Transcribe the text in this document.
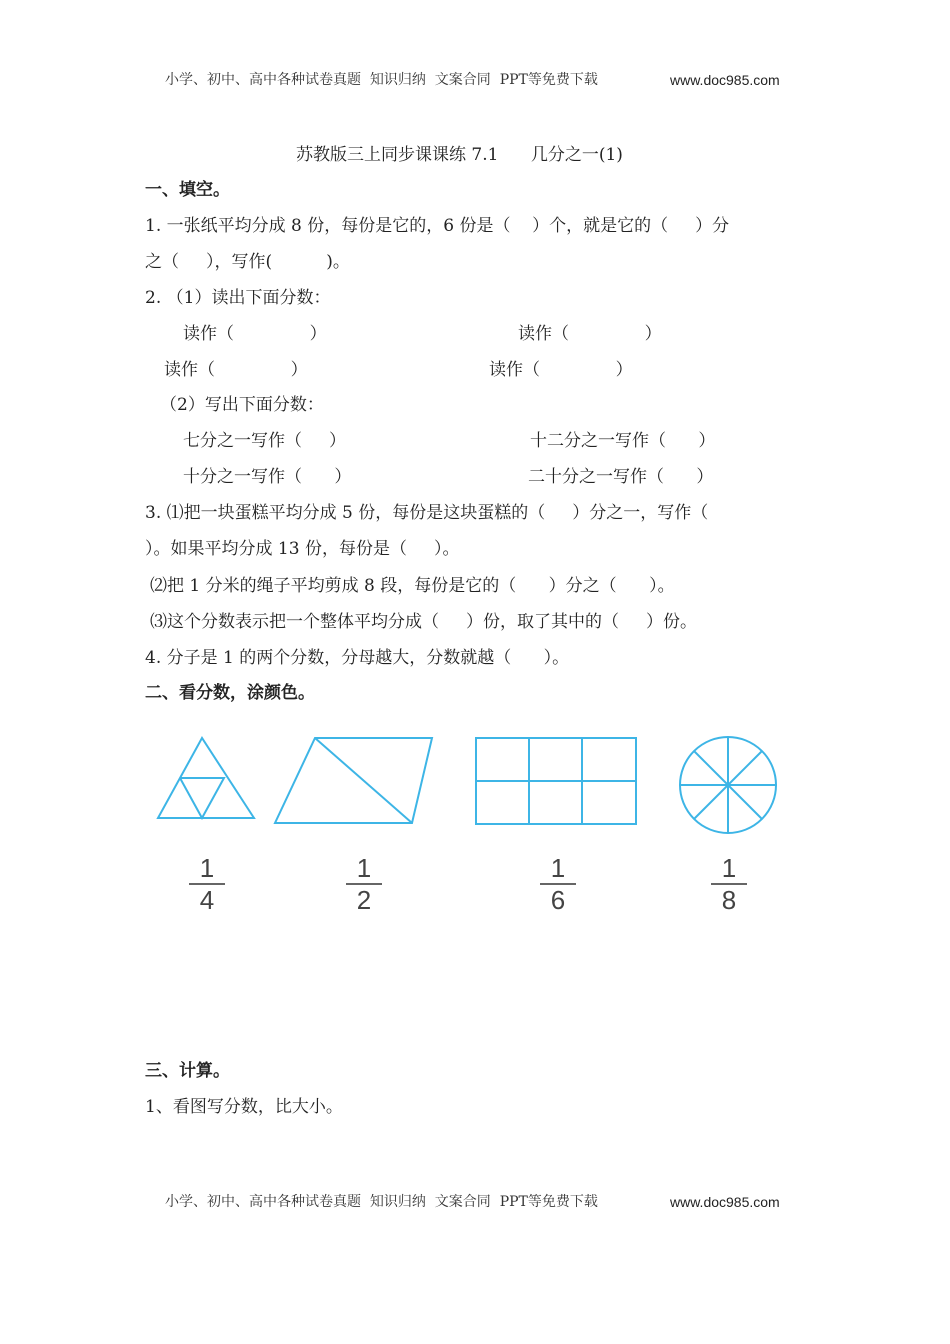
小学、初中、高中各种试卷真题  知识归纳  文案合同  PPT等免费下载	www.doc985.com
苏教版三上同步课课练 7.1      几分之一(1)
一、填空。
1. 一张纸平均分成 8 份，每份是它的，6 份是（    ）个，就是它的（     ）分
之（     ），写作(          )。
2. （1）读出下面分数：
读作（              ）	读作（              ）
读作（              ）	读作（              ）
（2）写出下面分数：
七分之一写作（     ）	十二分之一写作（      ）
十分之一写作（      ）	二十分之一写作（      ）
3. ⑴把一块蛋糕平均分成 5 份，每份是这块蛋糕的（     ）分之一，写作（
）。如果平均分成 13 份，每份是（     ）。
⑵把 1 分米的绳子平均剪成 8 段，每份是它的（      ）分之（      ）。
⑶这个分数表示把一个整体平均分成（     ）份，取了其中的（     ）份。
4. 分子是 1 的两个分数，分母越大，分数就越（      ）。
二、看分数，涂颜色。
1
4
1
2
1
6
1
8
三、计算。
1、看图写分数，比大小。
小学、初中、高中各种试卷真题  知识归纳  文案合同  PPT等免费下载	www.doc985.com
